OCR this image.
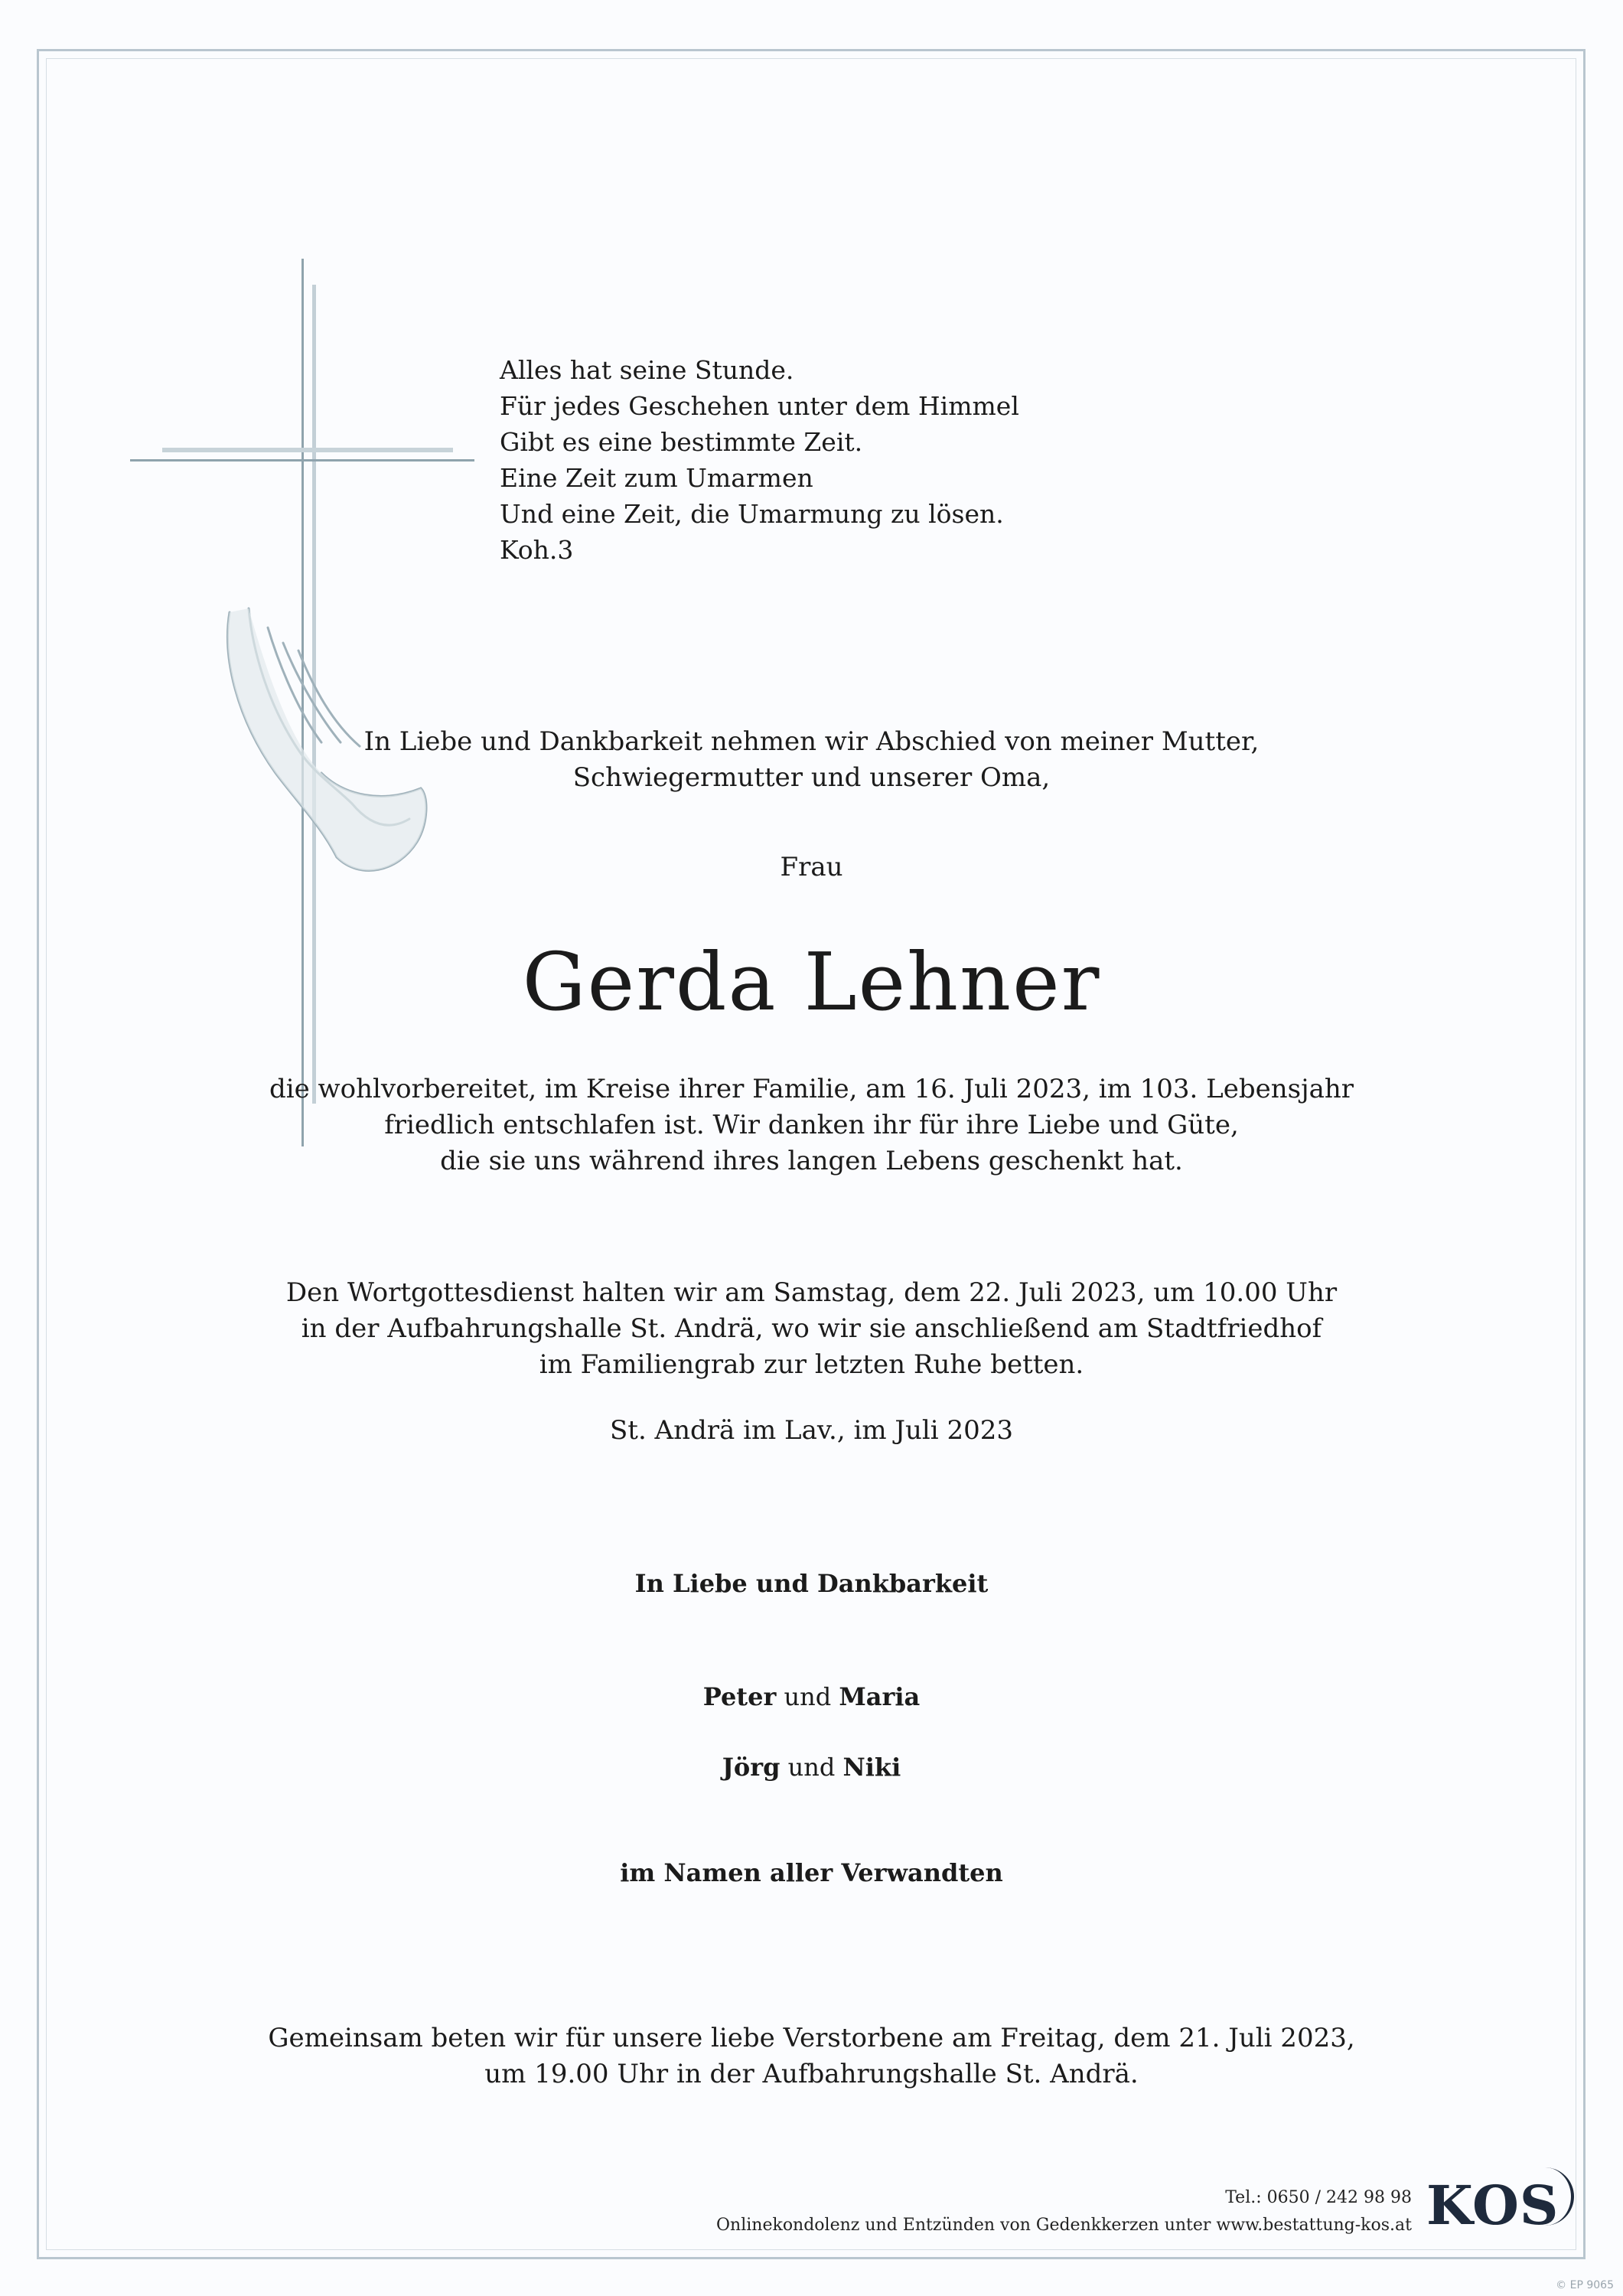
Alles hat seine Stunde.
Für jedes Geschehen unter dem Himmel
Gibt es eine bestimmte Zeit.
Eine Zeit zum Umarmen
Und eine Zeit, die Umarmung zu lösen.
Koh.3
In Liebe und Dankbarkeit nehmen wir Abschied von meiner Mutter,
Schwiegermutter und unserer Oma,
Frau
Gerda Lehner
die wohlvorbereitet, im Kreise ihrer Familie, am 16. Juli 2023, im 103. Lebensjahr
friedlich entschlafen ist. Wir danken ihr für ihre Liebe und Güte,
die sie uns während ihres langen Lebens geschenkt hat.
Den Wortgottesdienst halten wir am Samstag, dem 22. Juli 2023, um 10.00 Uhr
in der Aufbahrungshalle St. Andrä, wo wir sie anschließend am Stadtfriedhof
im Familiengrab zur letzten Ruhe betten.
St. Andrä im Lav., im Juli 2023
In Liebe und Dankbarkeit
Peter und Maria
Jörg und Niki
im Namen aller Verwandten
Gemeinsam beten wir für unsere liebe Verstorbene am Freitag, dem 21. Juli 2023,
um 19.00 Uhr in der Aufbahrungshalle St. Andrä.
Tel.: 0650 / 242 98 98
Onlinekondolenz und Entzünden von Gedenkkerzen unter www.bestattung-kos.at KOS
© EP 9065
